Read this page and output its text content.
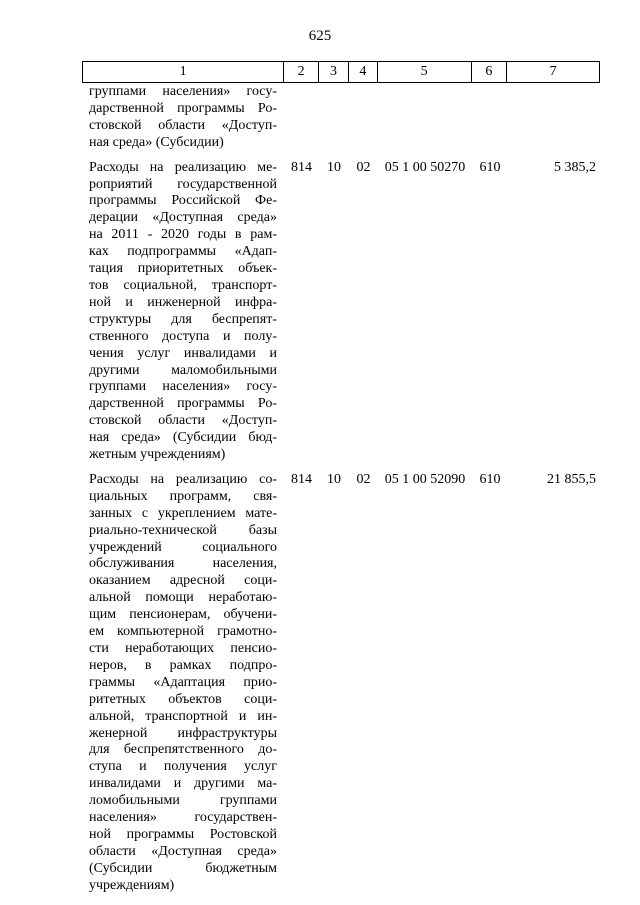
625
1	2	3	4	5	6	7
группами населения» госу-
дарственной программы Ро-
стовской области «Доступ-
ная среда» (Субсидии)
Расходы на реализацию ме-
роприятий государственной
программы Российской Фе-
дерации «Доступная среда»
на 2011 - 2020 годы в рам-
ках подпрограммы «Адап-
тация приоритетных объек-
тов социальной, транспорт-
ной и инженерной инфра-
структуры для беспрепят-
ственного доступа и полу-
чения услуг инвалидами и
другими маломобильными
группами населения» госу-
дарственной программы Ро-
стовской области «Доступ-
ная среда» (Субсидии бюд-
жетным учреждениям)
814	10	02	05 1 00 50270	610	5 385,2
Расходы на реализацию со-
циальных программ, свя-
занных с укреплением мате-
риально-технической базы
учреждений социального
обслуживания населения,
оказанием адресной соци-
альной помощи неработаю-
щим пенсионерам, обучени-
ем компьютерной грамотно-
сти неработающих пенсио-
неров, в рамках подпро-
граммы «Адаптация прио-
ритетных объектов соци-
альной, транспортной и ин-
женерной инфраструктуры
для беспрепятственного до-
ступа и получения услуг
инвалидами и другими ма-
ломобильными группами
населения» государствен-
ной программы Ростовской
области «Доступная среда»
(Субсидии бюджетным
учреждениям)
814	10	02	05 1 00 52090	610	21 855,5
